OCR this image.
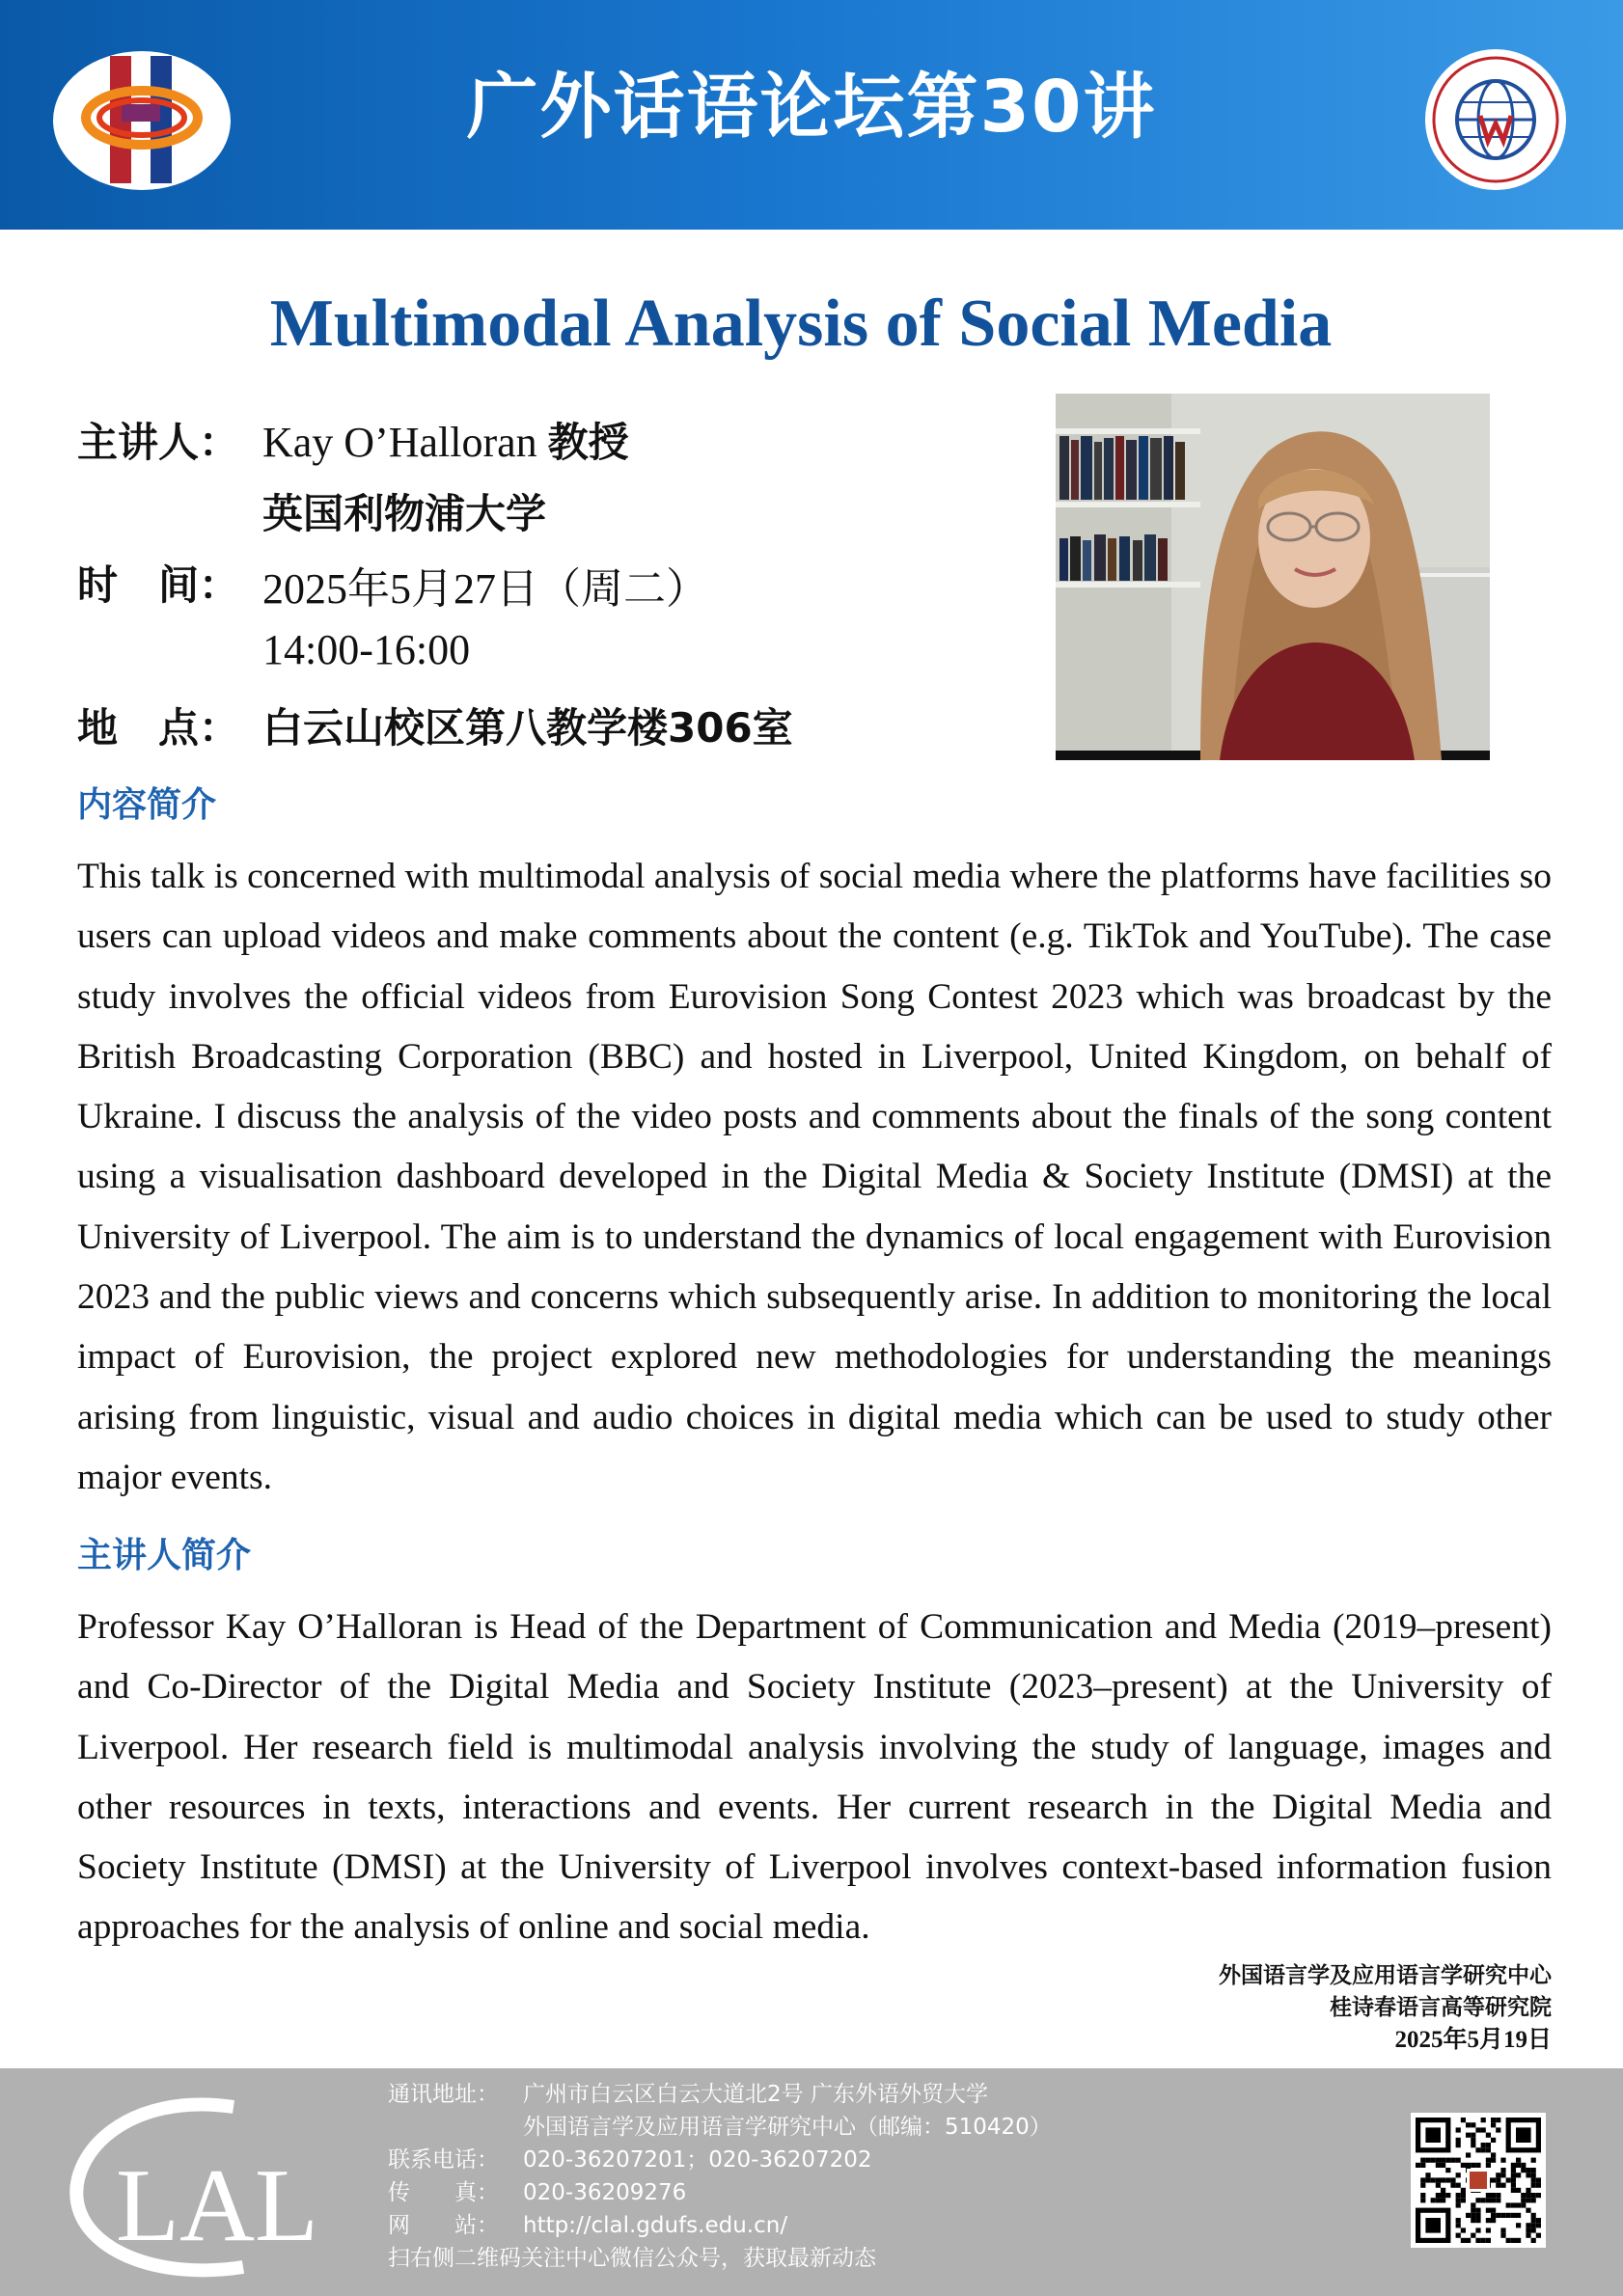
广外话语论坛第30讲
Multimodal Analysis of Social Media
主讲人： Kay O’Halloran 教授
英国利物浦大学
时　间： 2025年5月27日（周二）
14:00-16:00
地　点： 白云山校区第八教学楼306室
内容简介
This talk is concerned with multimodal analysis of social media where the platforms have facilities so users can upload videos and make comments about the content (e.g. TikTok and YouTube). The case study involves the official videos from Eurovision Song Contest 2023 which was broadcast by the British Broadcasting Corporation (BBC) and hosted in Liverpool, United Kingdom, on behalf of Ukraine. I discuss the analysis of the video posts and comments about the finals of the song content using a visualisation dashboard developed in the Digital Media & Society Institute (DMSI) at the University of Liverpool. The aim is to understand the dynamics of local engagement with Eurovision 2023 and the public views and concerns which subsequently arise. In addition to monitoring the local impact of Eurovision, the project explored new methodologies for understanding the meanings arising from linguistic, visual and audio choices in digital media which can be used to study other major events.
主讲人简介
Professor Kay O’Halloran is Head of the Department of Communication and Media (2019–present) and Co-Director of the Digital Media and Society Institute (2023–present) at the University of Liverpool. Her research field is multimodal analysis involving the study of language, images and other resources in texts, interactions and events. Her current research in the Digital Media and Society Institute (DMSI) at the University of Liverpool involves context-based information fusion approaches for the analysis of online and social media.
外国语言学及应用语言学研究中心
桂诗春语言高等研究院
2025年5月19日
LAL
通讯地址： 广州市白云区白云大道北2号 广东外语外贸大学
外国语言学及应用语言学研究中心（邮编：510420）
联系电话： 020-36207201；020-36207202
传　　真： 020-36209276
网　　站： http://clal.gdufs.edu.cn/
扫右侧二维码关注中心微信公众号，获取最新动态
